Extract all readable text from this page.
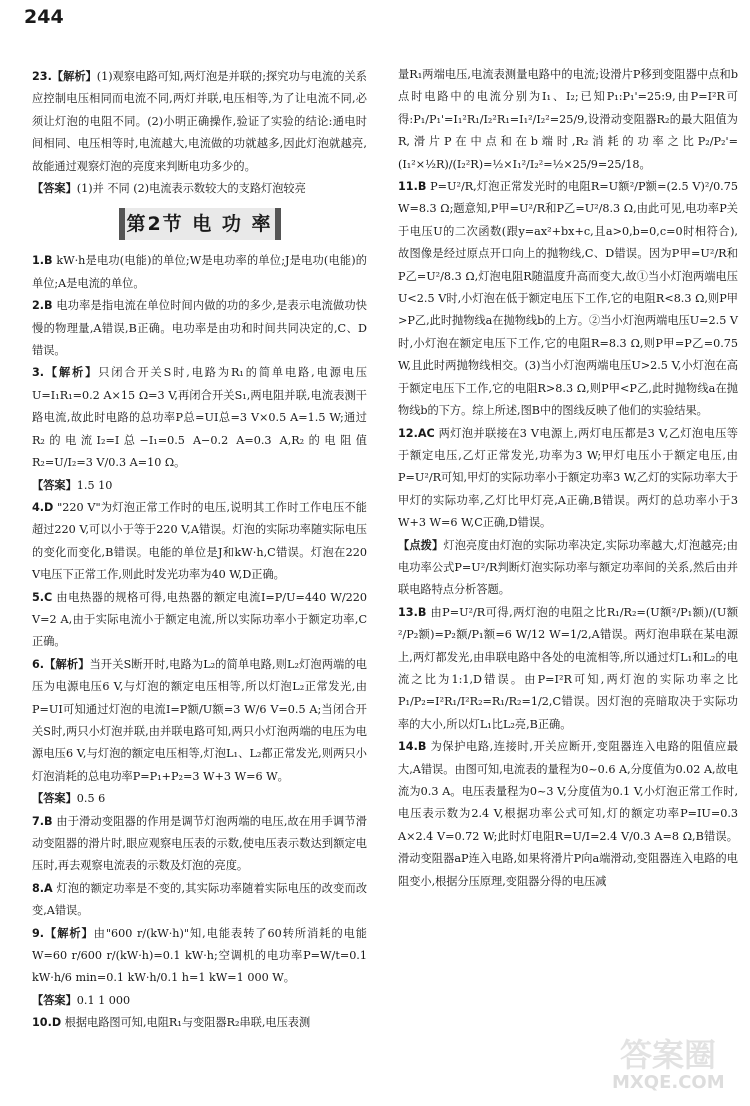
244

23.【解析】(1)观察电路可知,两灯泡是并联的;探究功与电流的关系应控制电压相同而电流不同,两灯并联,电压相等,为了让电流不同,必须让灯泡的电阻不同。(2)小明正确操作,验证了实验的结论:通电时间相同、电压相等时,电流越大,电流做的功就越多,因此灯泡就越亮,故能通过观察灯泡的亮度来判断电功多少的。

【答案】(1)并 不同 (2)电流表示数较大的支路灯泡较亮

第2节 电 功 率

1.B kW·h是电功(电能)的单位;W是电功率的单位;J是电功(电能)的单位;A是电流的单位。

2.B 电功率是指电流在单位时间内做的功的多少,是表示电流做功快慢的物理量,A错误,B正确。电功率是由功和时间共同决定的,C、D错误。

3.【解析】只闭合开关S时,电路为R₁的简单电路,电源电压U=I₁R₁=0.2 A×15 Ω=3 V,再闭合开关S₁,两电阻并联,电流表测干路电流,故此时电路的总功率P总=UI总=3 V×0.5 A=1.5 W;通过R₂的电流I₂=I总−I₁=0.5 A−0.2 A=0.3 A,R₂的电阻值R₂=U/I₂=3 V/0.3 A=10 Ω。

【答案】1.5 10

4.D "220 V"为灯泡正常工作时的电压,说明其工作时工作电压不能超过220 V,可以小于等于220 V,A错误。灯泡的实际功率随实际电压的变化而变化,B错误。电能的单位是J和kW·h,C错误。灯泡在220 V电压下正常工作,则此时发光功率为40 W,D正确。

5.C 由电热器的规格可得,电热器的额定电流I=P/U=440 W/220 V=2 A,由于实际电流小于额定电流,所以实际功率小于额定功率,C正确。

6.【解析】当开关S断开时,电路为L₂的简单电路,则L₂灯泡两端的电压为电源电压6 V,与灯泡的额定电压相等,所以灯泡L₂正常发光,由P=UI可知通过灯泡的电流I=P额/U额=3 W/6 V=0.5 A;当闭合开关S时,两只小灯泡并联,由并联电路可知,两只小灯泡两端的电压为电源电压6 V,与灯泡的额定电压相等,灯泡L₁、L₂都正常发光,则两只小灯泡消耗的总电功率P=P₁+P₂=3 W+3 W=6 W。

【答案】0.5 6

7.B 由于滑动变阻器的作用是调节灯泡两端的电压,故在用手调节滑动变阻器的滑片时,眼应观察电压表的示数,使电压表示数达到额定电压时,再去观察电流表的示数及灯泡的亮度。

8.A 灯泡的额定功率是不变的,其实际功率随着实际电压的改变而改变,A错误。

9.【解析】由"600 r/(kW·h)"知,电能表转了60转所消耗的电能W=60 r/600 r/(kW·h)=0.1 kW·h;空调机的电功率P=W/t=0.1 kW·h/6 min=0.1 kW·h/0.1 h=1 kW=1 000 W。

【答案】0.1 1 000

10.D 根据电路图可知,电阻R₁与变阻器R₂串联,电压表测

量R₁两端电压,电流表测量电路中的电流;设滑片P移到变阻器中点和b点时电路中的电流分别为I₁、I₂;已知P₁:P₁'=25:9,由P=I²R可得:P₁/P₁'=I₁²R₁/I₂²R₁=I₁²/I₂²=25/9,设滑动变阻器R₂的最大阻值为R,滑片P在中点和在b端时,R₂消耗的功率之比P₂/P₂'=(I₁²×½R)/(I₂²R)=½×I₁²/I₂²=½×25/9=25/18。

11.B P=U²/R,灯泡正常发光时的电阻R=U额²/P额=(2.5 V)²/0.75 W=8.3 Ω;题意知,P甲=U²/R和P乙=U²/8.3 Ω,由此可见,电功率P关于电压U的二次函数(跟y=ax²+bx+c,且a>0,b=0,c=0时相符合),故图像是经过原点开口向上的抛物线,C、D错误。因为P甲=U²/R和P乙=U²/8.3 Ω,灯泡电阻R随温度升高而变大,故①当小灯泡两端电压U<2.5 V时,小灯泡在低于额定电压下工作,它的电阻R<8.3 Ω,则P甲>P乙,此时抛物线a在抛物线b的上方。②当小灯泡两端电压U=2.5 V时,小灯泡在额定电压下工作,它的电阻R=8.3 Ω,则P甲=P乙=0.75 W,且此时两抛物线相交。(3)当小灯泡两端电压U>2.5 V,小灯泡在高于额定电压下工作,它的电阻R>8.3 Ω,则P甲<P乙,此时抛物线a在抛物线b的下方。综上所述,图B中的图线反映了他们的实验结果。

12.AC 两灯泡并联接在3 V电源上,两灯电压都是3 V,乙灯泡电压等于额定电压,乙灯正常发光,功率为3 W;甲灯电压小于额定电压,由P=U²/R可知,甲灯的实际功率小于额定功率3 W,乙灯的实际功率大于甲灯的实际功率,乙灯比甲灯亮,A正确,B错误。两灯的总功率小于3 W+3 W=6 W,C正确,D错误。

【点拨】灯泡亮度由灯泡的实际功率决定,实际功率越大,灯泡越亮;由电功率公式P=U²/R判断灯泡实际功率与额定功率间的关系,然后由并联电路特点分析答题。

13.B 由P=U²/R可得,两灯泡的电阻之比R₁/R₂=(U额²/P₁额)/(U额²/P₂额)=P₂额/P₁额=6 W/12 W=1/2,A错误。两灯泡串联在某电源上,两灯都发光,由串联电路中各处的电流相等,所以通过灯L₁和L₂的电流之比为1:1,D错误。由P=I²R可知,两灯泡的实际功率之比P₁/P₂=I²R₁/I²R₂=R₁/R₂=1/2,C错误。因灯泡的亮暗取决于实际功率的大小,所以灯L₁比L₂亮,B正确。

14.B 为保护电路,连接时,开关应断开,变阻器连入电路的阻值应最大,A错误。由图可知,电流表的量程为0~0.6 A,分度值为0.02 A,故电流为0.3 A。电压表量程为0~3 V,分度值为0.1 V,小灯泡正常工作时,电压表示数为2.4 V,根据功率公式可知,灯的额定功率P=IU=0.3 A×2.4 V=0.72 W;此时灯电阻R=U/I=2.4 V/0.3 A=8 Ω,B错误。滑动变阻器aP连入电路,如果将滑片P向a端滑动,变阻器连入电路的电阻变小,根据分压原理,变阻器分得的电压减

答案圈
MXQE.COM
